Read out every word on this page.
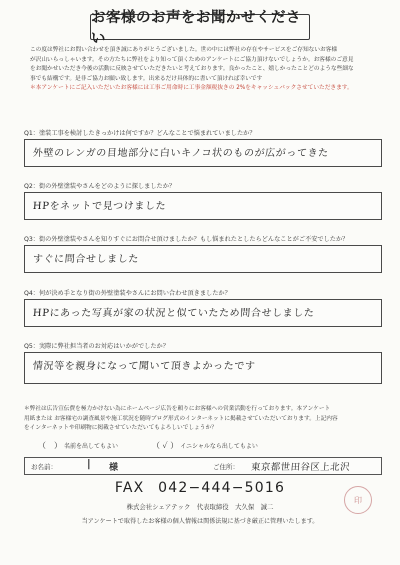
お客様のお声をお聞かせください

この度は弊社にお問い合わせを頂き誠にありがとうございました。世の中には弊社の存在やサービスをご存知ないお客様

が沢山いらっしゃいます。その方たちに弊社をより知って頂くためのアンケートにご協力頂けないでしょうか。お客様のご意見

をお聞かせいただき今後の活動に反映させていただきたいと考えております。良かったこと、嬉しかったことどのような些細な

事でも結構です。是非ご協力お願い致します。出来るだけ具体的に書いて頂ければ幸いです

＊本アンケートにご記入いただいたお客様には工事ご用命時に工事金額税抜きの 2%をキャッシュバックさせていただきます。

Q1：塗装工事を検討したきっかけは何ですか？どんなことで悩まれていましたか？
外壁のレンガの目地部分に白いキノコ状のものが広がってきた
Q2：街の外壁塗装やさんをどのように探しましたか？
HPをネットで見つけました
Q3：街の外壁塗装やさんを知りすぐにお問合せ頂けましたか？もし悩まれたとしたらどんなことがご不安でしたか？
すぐに問合せしました
Q4：何が決め手となり街の外壁塗装やさんにお問い合わせ頂きましたか？
HPにあった写真が家の状況と似ていたため問合せしました
Q5：実際に弊社担当者のお対応はいかがでしたか？
情況等を親身になって聞いて頂きよかったです

＊弊社は広告宣伝費を極力かけない為にホームページ広告を頼りにお客様への営業活動を行っております。本アンケート

用紙または お客様宅の調査風景や施工状況を随時ブログ形式のインターネットに掲載させていただいております。上記内容

をインターネットや印刷物に掲載させていただいてもよろしいでしょうか？

（　） 名前を出してもよい	（ ✓ ） イニシャルなら出してもよい
お名前：	| 様	ご住所： 東京都世田谷区上北沢
印
FAX 042−444−5016
株式会社シェアテック　代表取締役　大久保　誠二
当アンケートで取得したお客様の個人情報は関係法規に基づき厳正に管理いたします。
